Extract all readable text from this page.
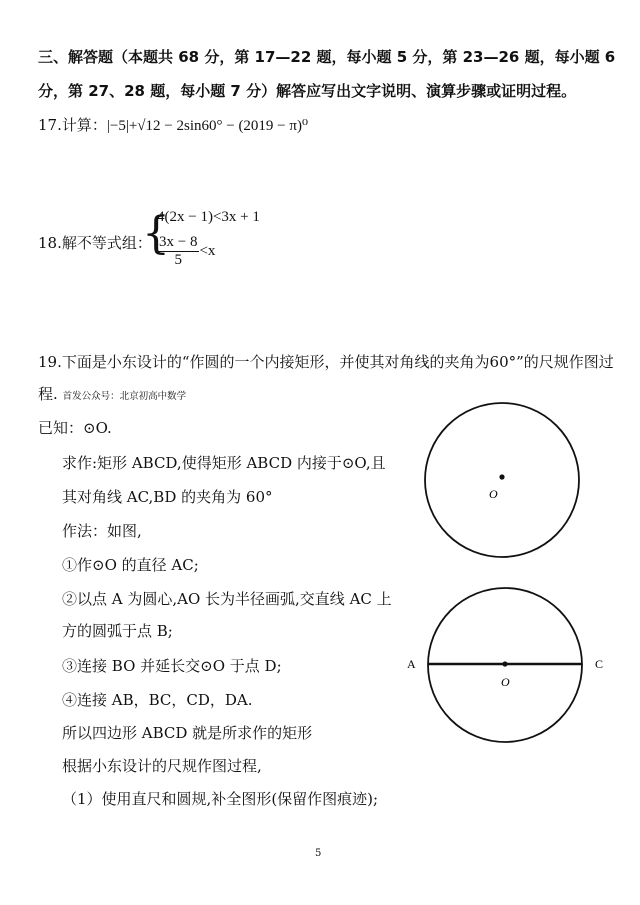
三、解答题（本题共 68 分，第 17—22 题，每小题 5 分，第 23—26 题，每小题 6
分，第 27、28 题，每小题 7 分）解答应写出文字说明、演算步骤或证明过程。
17.计算：|−5|+√12 − 2sin60° − (2019 − π)⁰
18.解不等式组：
{
4(2x − 1)<3x + 1
$\frac{3x - 8}{5} <x$
19.下面是小东设计的“作圆的一个内接矩形，并使其对角线的夹角为60°”的尺规作图过
程. 首发公众号：北京初高中数学
已知：⊙O.
求作:矩形 ABCD,使得矩形 ABCD 内接于⊙O,且
其对角线 AC,BD 的夹角为 60°
作法：如图,
①作⊙O 的直径 AC;
②以点 A 为圆心,AO 长为半径画弧,交直线 AC 上
方的圆弧于点 B;
③连接 BO 并延长交⊙O 于点 D;
④连接 AB，BC，CD，DA.
所以四边形 ABCD 就是所求作的矩形
根据小东设计的尺规作图过程,
（1）使用直尺和圆规,补全图形(保留作图痕迹);
O
A	C
O
5
